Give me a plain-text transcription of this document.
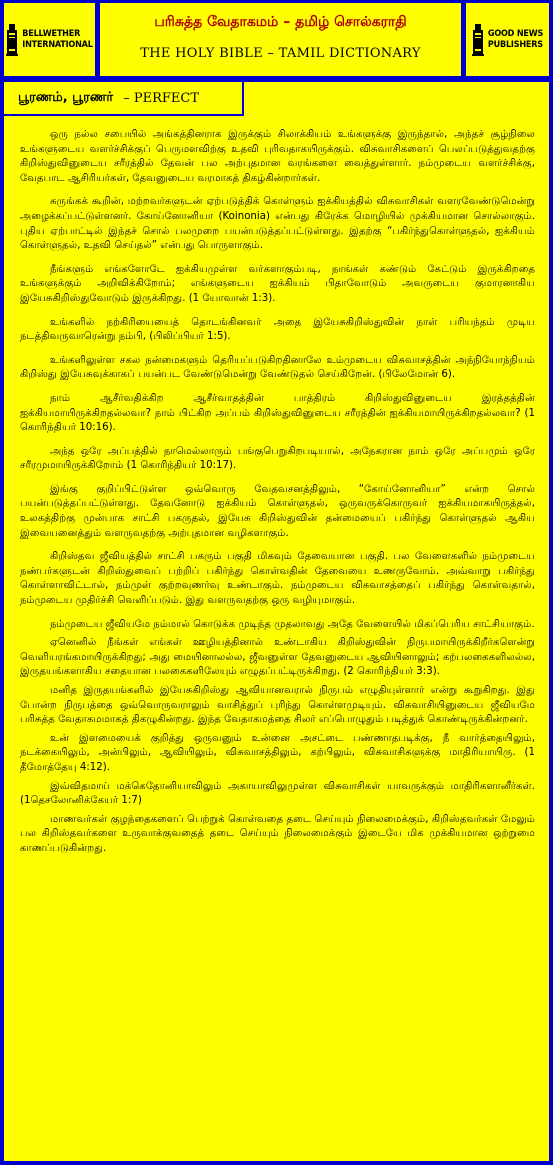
BELLWETHER
INTERNATIONAL
பரிசுத்த வேதாகமம் – தமிழ் சொல்கராதி
THE HOLY BIBLE – TAMIL DICTIONARY
GOOD NEWS
PUBLISHERS
பூரணம், பூரணர் – PERFECT

ஒரு நல்ல சபையில் அங்கத்தினராக இருக்கும் சிலாக்கியம் உங்களுக்கு இருந்தால், அந்தச் சூழ்நிலை உங்களுடைய வளர்ச்சிக்குப் பெருமளவிற்கு உதவி புரிவதாகயிருக்கும். விசுவாசிகளைப் பெலப்படுத்துவதற்கு கிறிஸ்துவினுடைய சரீரத்தில் தேவன் பல அற்புதமான வரங்களை வைத்துள்ளார். நம்முடைய வளர்ச்சிக்கு, வேதபாட ஆசிரியர்கள், தேவனுடைய வரமாகத் திகழ்கின்றார்கள்.

சுருங்கக் கூறின், மற்றவர்களுடன் ஏற்படுத்திக் கொள்ளும் ஐக்கியத்தில் விசுவாசிகள் வளரவேண்டுமென்று அழைக்கப்பட்டுள்ளனர். கோய்னோனியா (Koinonia) என்பது கிரேக்க மொழியில் முக்கியமான சொல்லாகும். புதிய ஏற்பாட்டில் இந்தச் சொல் பலமுறை பயன்படுத்தப்பட்டுள்ளது. இதற்கு “பகிர்ந்துகொள்ளுதல், ஐக்கியம் கொள்ளுதல், உதவி செய்தல்” என்பது பொருளாகும்.

நீங்களும் எங்களோடே ஐக்கியமுள்ள வர்களாகும்படி, நாங்கள் கண்டும் கேட்டும் இருக்கிறதை உங்களுக்கும் அறிவிக்கிறோம்; எங்களுடைய ஐக்கியம் பிதாவோடும் அவருடைய குமாரனாகிய இயேசுகிறிஸ்துவோடும் இருக்கிறது. (1 யோவான் 1:3).

உங்களில் நற்கிரியையைத் தொடங்கினவர் அதை இயேசுகிறிஸ்துவின் நாள் பரியந்தம் முடிய நடத்திவருவாரென்று நம்பி, (பிலிப்பியர் 1:5).

உங்களிலுள்ள சகல நன்மைகளும் தெரியப்படுகிறதினாலே உம்முடைய விசுவாசத்தின் அந்நியோந்நியம் கிறிஸ்து இயேசுவுக்காகப் பயன்பட வேண்டுமென்று வேண்டுதல் செய்கிறேன். (பிலேமோன் 6).

நாம் ஆசீர்வதிக்கிற ஆசீர்வாதத்தின் பாத்திரம் கிறிஸ்துவினுடைய இரத்தத்தின் ஐக்கியமாயிருக்கிறதல்லவா? நாம் பிட்கிற அப்பம் கிறிஸ்துவினுடைய சரீரத்தின் ஐக்கியமாயிருக்கிறதல்லவா? (1 கொரிந்தியர் 10:16).

அந்த ஒரே அப்பத்தில் நாமெல்லாரும் பங்குபெறுகிறபடியால், அநேகரான நாம் ஒரே அப்பமும் ஒரே சரீரமுமாயிருக்கிறோம் (1 கொரிந்தியர் 10:17).

இங்கு குறிப்பிட்டுள்ள ஒவ்வொரு வேதவசனத்திலும், “கோய்னோனியா” என்ற சொல் பயன்படுத்தப்பட்டுள்ளது. தேவனோடு ஐக்கியம் கொள்ளுதல், ஒருவருக்கொருவர் ஐக்கியமாகயிருத்தல், உலகத்திற்கு முன்பாக சாட்சி பகருதல், இயேசு கிறிஸ்துவின் தன்மையைப் பகிர்ந்து கொள்ளுதல் ஆகிய இவையனைத்தும் வளருவதற்கு அற்புதமான வழிகளாகும்.

கிறிஸ்தவ ஜீவியத்தில் சாட்சி பகரும் பகுதி மிகவும் தேவையான பகுதி. பல வேளைகளில் நம்முடைய நண்பர்களுடன் கிறிஸ்துவைப் பற்றிப் பகிர்ந்து கொள்வதின் தேவையை உணருவோம். அவ்வாறு பகிர்ந்து கொள்ளாவிட்டால், நம்முள் குற்றவுணர்வு உண்டாகும். நம்முடைய விசுவாசத்தைப் பகிர்ந்து கொள்வதால், நம்முடைய முதிர்ச்சி வெளிப்படும். இது வளருவதற்கு ஒரு வழியுமாகும்.

நம்முடைய ஜீவியமே நம்மால் கொடுக்க முடிந்த முதலாவது அதே வேளையில் மிகப்பெரிய சாட்சியாகும்.

ஏனெனில் நீங்கள் எங்கள் ஊழியத்தினால் உண்டாகிய கிறிஸ்துவின் நிருபமாயிருக்கிறீர்களென்று வெளியரங்கமாயிருக்கிறது; அது மையினாலல்ல, ஜீவனுள்ள தேவனுடைய ஆவியினாலும்; கற்பலகைகளிலல்ல, இருதயங்களாகிய சதையான பலகைகளிலேயும் எழுதப்பட்டிருக்கிறது. (2 கொரிந்தியர் 3:3).

மனித இருதயங்களில் இயேசுகிறிஸ்து ஆவியானவரால் நிருபம் எழுதியுள்ளார் என்று கூறுகிறது. இது போன்ற நிருபத்தை ஒவ்வொருவராலும் வாசித்துப் புரிந்து கொள்ளமுடியும். விசுவாசியினுடைய ஜீவியமே பரிசுத்த வேதாகமமாகத் திகழுகின்றது. இந்த வேதாகமத்தை சிலர் எப்பொழுதும் படித்துக் கொண்டிருக்கின்றனர்.

உன் இளமையைக் குறித்து ஒருவனும் உன்னை அசட்டை பண்ணாதபடிக்கு, நீ வார்த்தையிலும், நடக்கையிலும், அன்பிலும், ஆவியிலும், விசுவாசத்திலும், கற்பிலும், விசுவாசிகளுக்கு மாதிரியாயிரு. (1 தீமோத்தேயு 4:12).

இவ்விதமாய் மக்கெதோனியாவிலும் அகாயாவிலுமுள்ள விசுவாசிகள் யாவருக்கும் மாதிரிகளானீர்கள். (1தெசலோனிக்கேயர் 1:7)

மாணவர்கள் குழந்தைகளைப் பெற்றுக் கொள்வதை தடை செய்யும் நிலைமைக்கும், கிறிஸ்தவர்கள் மேலும் பல கிறிஸ்தவர்களை உருவாக்குவதைத் தடை செய்யும் நிலைமைக்கும் இடையே மிக முக்கியமான ஒற்றுமை காணப்படுகின்றது.
